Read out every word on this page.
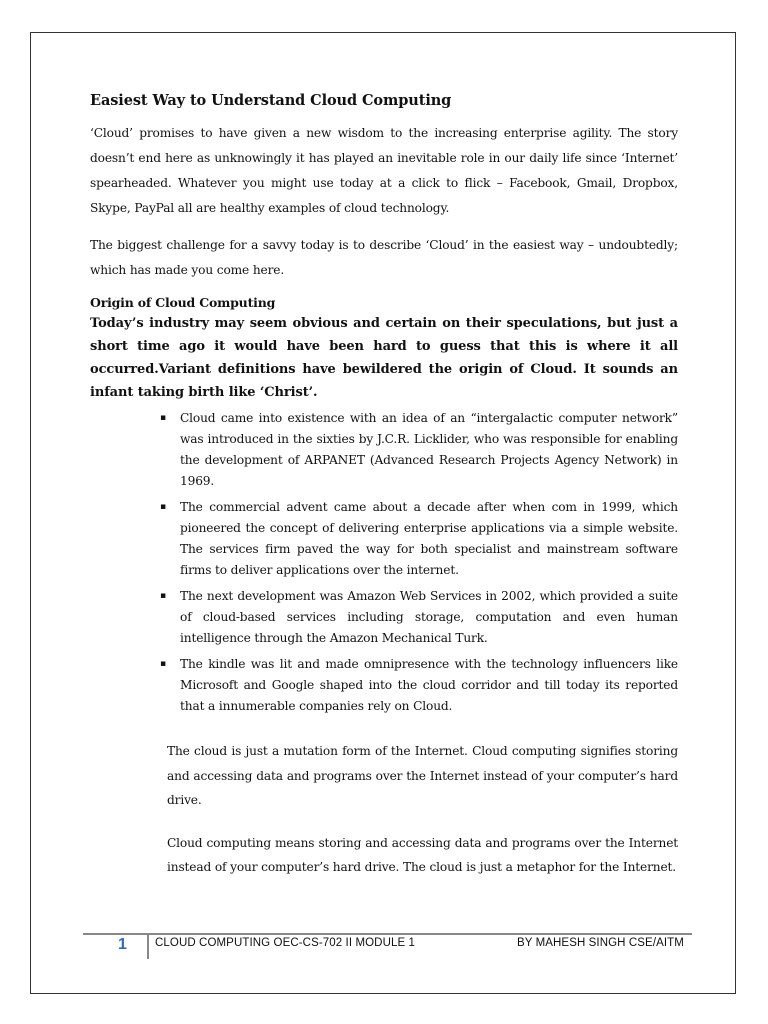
Easiest Way to Understand Cloud Computing

‘Cloud’ promises to have given a new wisdom to the increasing enterprise agility. The story doesn’t end here as unknowingly it has played an inevitable role in our daily life since ‘Internet’ spearheaded. Whatever you might use today at a click to flick – Facebook, Gmail, Dropbox, Skype, PayPal all are healthy examples of cloud technology.

The biggest challenge for a savvy today is to describe ‘Cloud’ in the easiest way – undoubtedly; which has made you come here.

Origin of Cloud Computing

Today’s industry may seem obvious and certain on their speculations, but just a short time ago it would have been hard to guess that this is where it all occurred.Variant definitions have bewildered the origin of Cloud. It sounds an infant taking birth like ‘Christ’.

▪ Cloud came into existence with an idea of an “intergalactic computer network” was introduced in the sixties by J.C.R. Licklider, who was responsible for enabling the development of ARPANET (Advanced Research Projects Agency Network) in 1969.
▪ The commercial advent came about a decade after when com in 1999, which pioneered the concept of delivering enterprise applications via a simple website. The services firm paved the way for both specialist and mainstream software firms to deliver applications over the internet.
▪ The next development was Amazon Web Services in 2002, which provided a suite of cloud-based services including storage, computation and even human intelligence through the Amazon Mechanical Turk.
▪ The kindle was lit and made omnipresence with the technology influencers like Microsoft and Google shaped into the cloud corridor and till today its reported that a innumerable companies rely on Cloud.

The cloud is just a mutation form of the Internet. Cloud computing signifies storing and accessing data and programs over the Internet instead of your computer’s hard drive.

Cloud computing means storing and accessing data and programs over the Internet instead of your computer’s hard drive. The cloud is just a metaphor for the Internet.

1 CLOUD COMPUTING OEC-CS-702 II MODULE 1	BY MAHESH SINGH CSE/AITM
